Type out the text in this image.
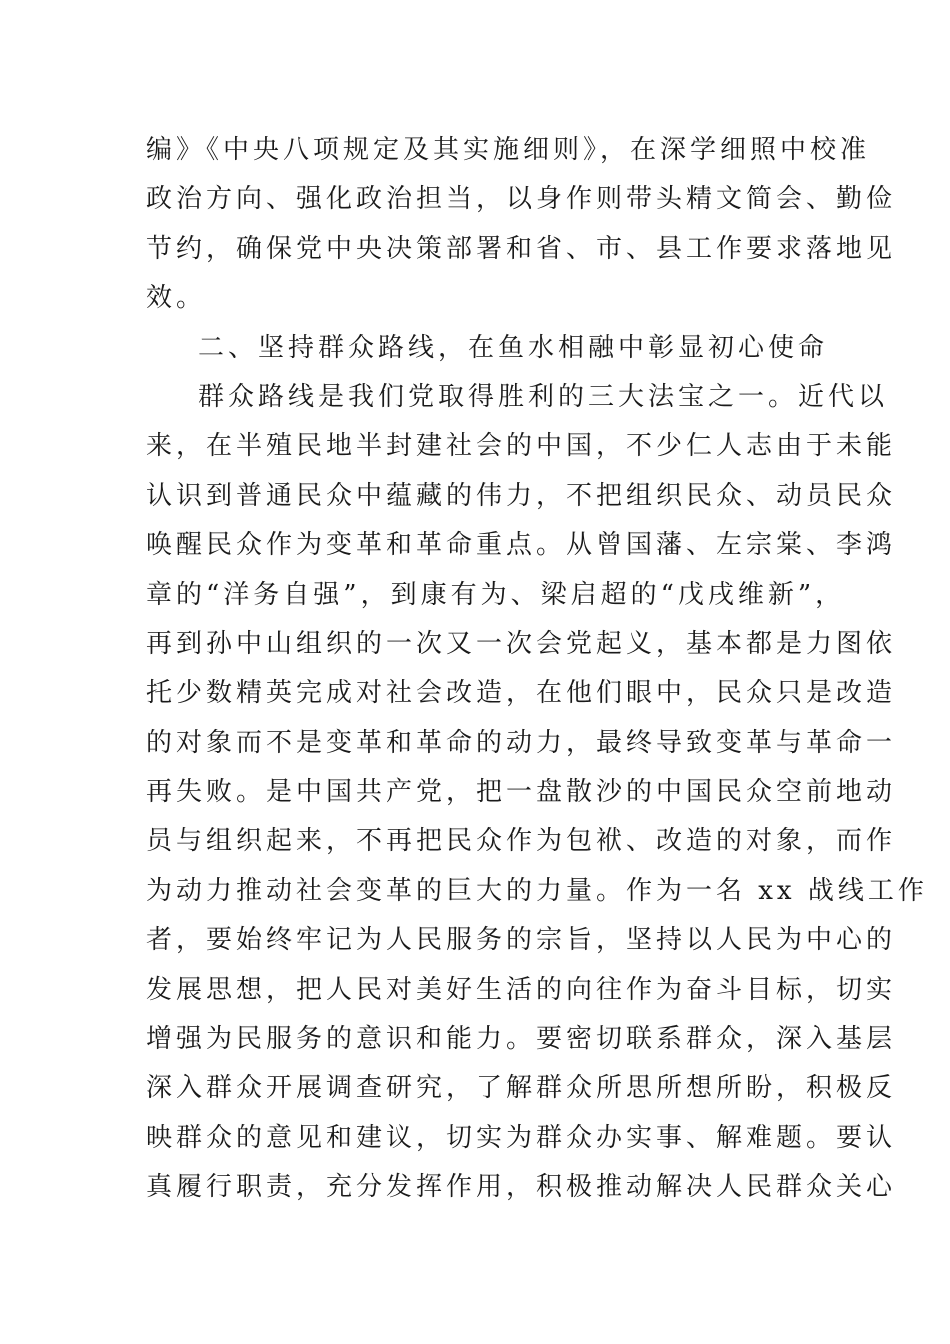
编》《中央八项规定及其实施细则》，在深学细照中校准
政治方向、强化政治担当，以身作则带头精文简会、勤俭
节约，确保党中央决策部署和省、市、县工作要求落地见
效。
二、坚持群众路线，在鱼水相融中彰显初心使命
群众路线是我们党取得胜利的三大法宝之一。近代以
来，在半殖民地半封建社会的中国，不少仁人志由于未能
认识到普通民众中蕴藏的伟力，不把组织民众、动员民众
唤醒民众作为变革和革命重点。从曾国藩、左宗棠、李鸿
章的“洋务自强”，到康有为、梁启超的“戊戌维新”，
再到孙中山组织的一次又一次会党起义，基本都是力图依
托少数精英完成对社会改造，在他们眼中，民众只是改造
的对象而不是变革和革命的动力，最终导致变革与革命一
再失败。是中国共产党，把一盘散沙的中国民众空前地动
员与组织起来，不再把民众作为包袱、改造的对象，而作
为动力推动社会变革的巨大的力量。作为一名 xx 战线工作
者，要始终牢记为人民服务的宗旨，坚持以人民为中心的
发展思想，把人民对美好生活的向往作为奋斗目标，切实
增强为民服务的意识和能力。要密切联系群众，深入基层
深入群众开展调查研究，了解群众所思所想所盼，积极反
映群众的意见和建议，切实为群众办实事、解难题。要认
真履行职责，充分发挥作用，积极推动解决人民群众关心
